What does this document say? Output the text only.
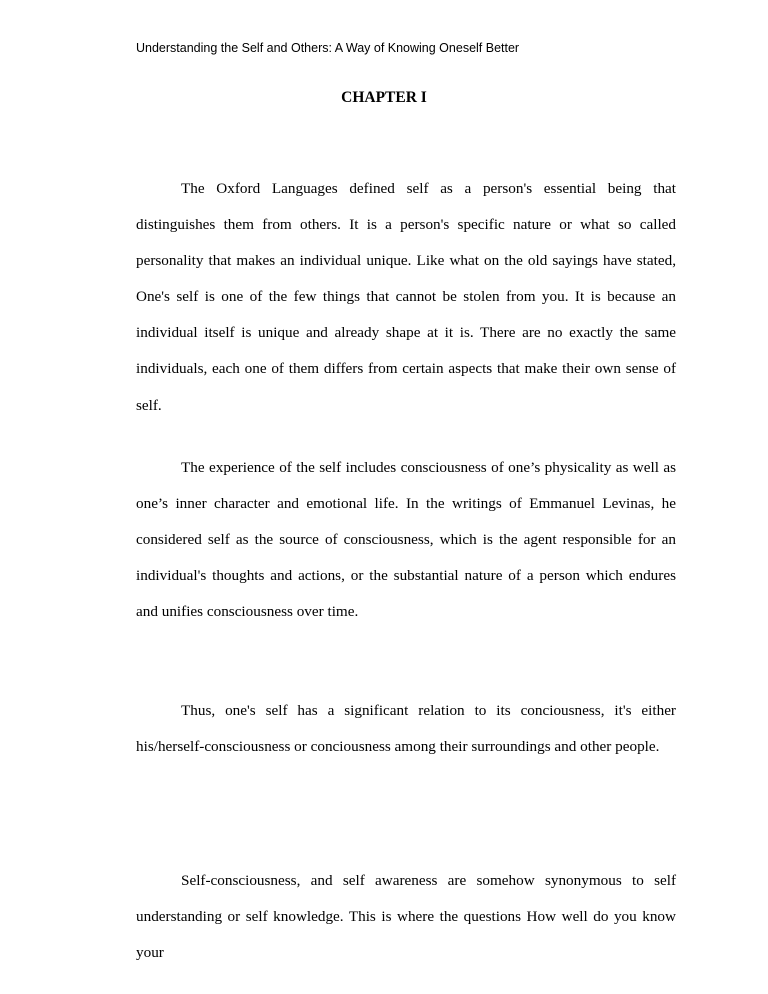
Understanding the Self and Others: A Way of Knowing Oneself Better
CHAPTER I

The Oxford Languages defined self as a person's essential being that distinguishes them from others. It is a person's specific nature or what so called personality that makes an individual unique. Like what on the old sayings have stated, One's self is one of the few things that cannot be stolen from you. It is because an individual itself is unique and already shape at it is. There are no exactly the same individuals, each one of them differs from certain aspects that make their own sense of self.

The experience of the self includes consciousness of one’s physicality as well as one’s inner character and emotional life. In the writings of Emmanuel Levinas, he considered self as the source of consciousness, which is the agent responsible for an individual's thoughts and actions, or the substantial nature of a person which endures and unifies consciousness over time.

Thus, one's self has a significant relation to its conciousness, it's either his/herself-consciousness or conciousness among their surroundings and other people.

Self-consciousness, and self awareness are somehow synonymous to self understanding or self knowledge. This is where the questions How well do you know your
